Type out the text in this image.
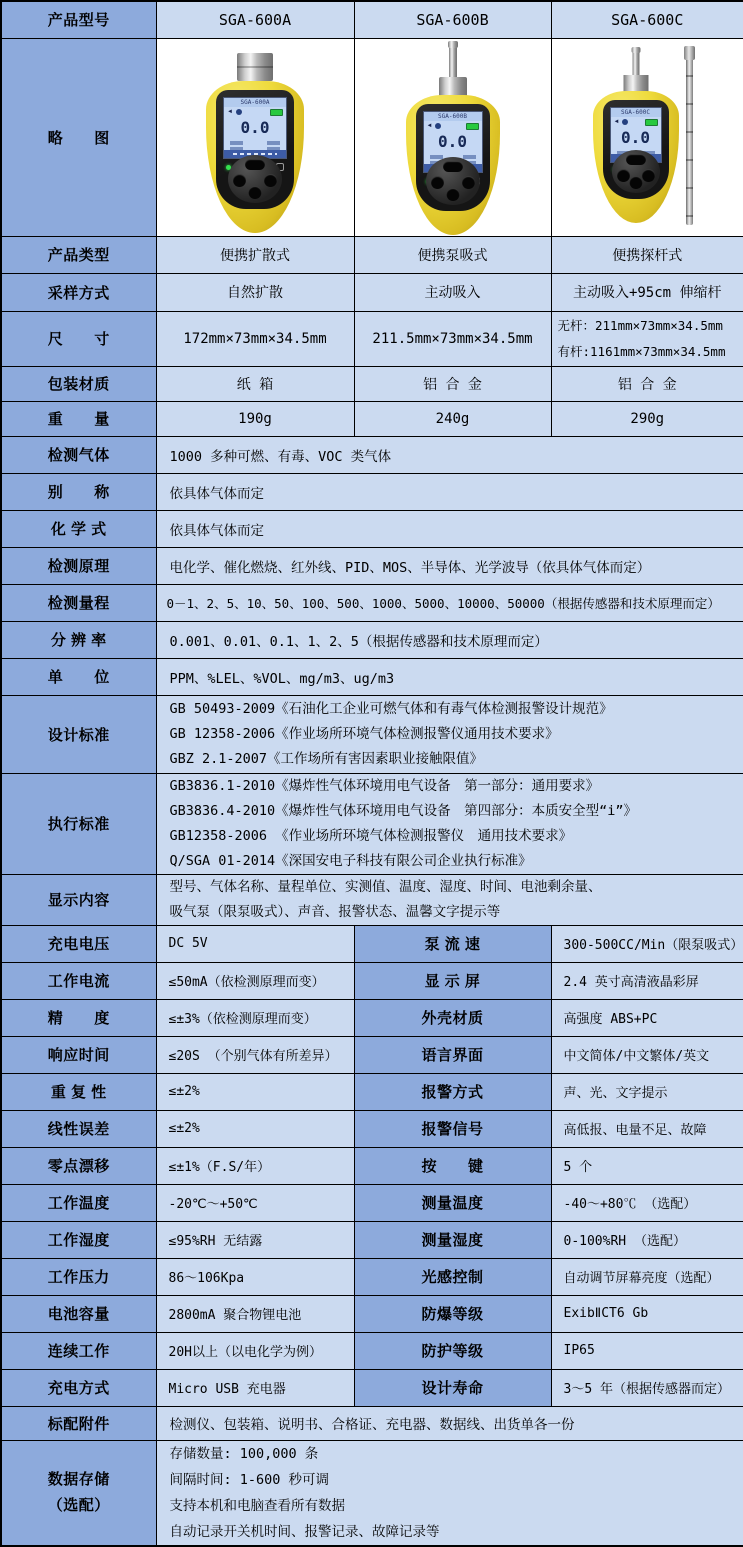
产品型号	SGA-600A	SGA-600B	SGA-600C
略　　图	
SGA-600A
◄
0.0

SGA-600B
◄
0.0

SGA-600C
◄
0.0

产品类型	便携扩散式	便携泵吸式	便携探杆式
采样方式	自然扩散	主动吸入	主动吸入+95cm 伸缩杆
尺　　寸	172mm×73mm×34.5mm	211.5mm×73mm×34.5mm	无杆：211mm×73mm×34.5mm
有杆:1161mm×73mm×34.5mm
包装材质	纸 箱	铝 合 金	铝 合 金
重　　量	190g	240g	290g
检测气体	1000 多种可燃、有毒、VOC 类气体		
别　　称	依具体气体而定		
化 学 式	依具体气体而定		
检测原理	电化学、催化燃烧、红外线、PID、MOS、半导体、光学波导（依具体气体而定）		
检测量程	0－1、2、5、10、50、100、500、1000、5000、10000、50000（根据传感器和技术原理而定）		
分 辨 率	0.001、0.01、0.1、1、2、5（根据传感器和技术原理而定）		
单　　位	PPM、%LEL、%VOL、mg/m3、ug/m3		
设计标准	GB 50493-2009《石油化工企业可燃气体和有毒气体检测报警设计规范》
GB 12358-2006《作业场所环境气体检测报警仪通用技术要求》
GBZ 2.1-2007《工作场所有害因素职业接触限值》		
执行标准	GB3836.1-2010《爆炸性气体环境用电气设备　第一部分：通用要求》
GB3836.4-2010《爆炸性气体环境用电气设备　第四部分：本质安全型“i”》
GB12358-2006 《作业场所环境气体检测报警仪　通用技术要求》
Q/SGA 01-2014《深国安电子科技有限公司企业执行标准》		
显示内容	型号、气体名称、量程单位、实测值、温度、湿度、时间、电池剩余量、
吸气泵（限泵吸式）、声音、报警状态、温馨文字提示等		
充电电压	DC 5V	泵 流 速	300-500CC/Min（限泵吸式）
工作电流	≤50mA（依检测原理而变）	显 示 屏	2.4 英寸高清液晶彩屏
精　　度	≤±3%（依检测原理而变）	外壳材质	高强度 ABS+PC
响应时间	≤20S （个别气体有所差异）	语言界面	中文简体/中文繁体/英文
重 复 性	≤±2%	报警方式	声、光、文字提示
线性误差	≤±2%	报警信号	高低报、电量不足、故障
零点漂移	≤±1%（F.S/年）	按　　键	5 个
工作温度	-20℃～+50℃	测量温度	-40～+80℃ （选配）
工作湿度	≤95%RH 无结露	测量湿度	0-100%RH （选配）
工作压力	86～106Kpa	光感控制	自动调节屏幕亮度（选配）
电池容量	2800mA 聚合物锂电池	防爆等级	ExibⅡCT6 Gb
连续工作	20H以上（以电化学为例）	防护等级	IP65
充电方式	Micro USB 充电器	设计寿命	3～5 年（根据传感器而定）
标配附件	检测仪、包装箱、说明书、合格证、充电器、数据线、出货单各一份		
数据存储
（选配）	存储数量: 100,000 条
间隔时间: 1-600 秒可调
支持本机和电脑查看所有数据
自动记录开关机时间、报警记录、故障记录等		
